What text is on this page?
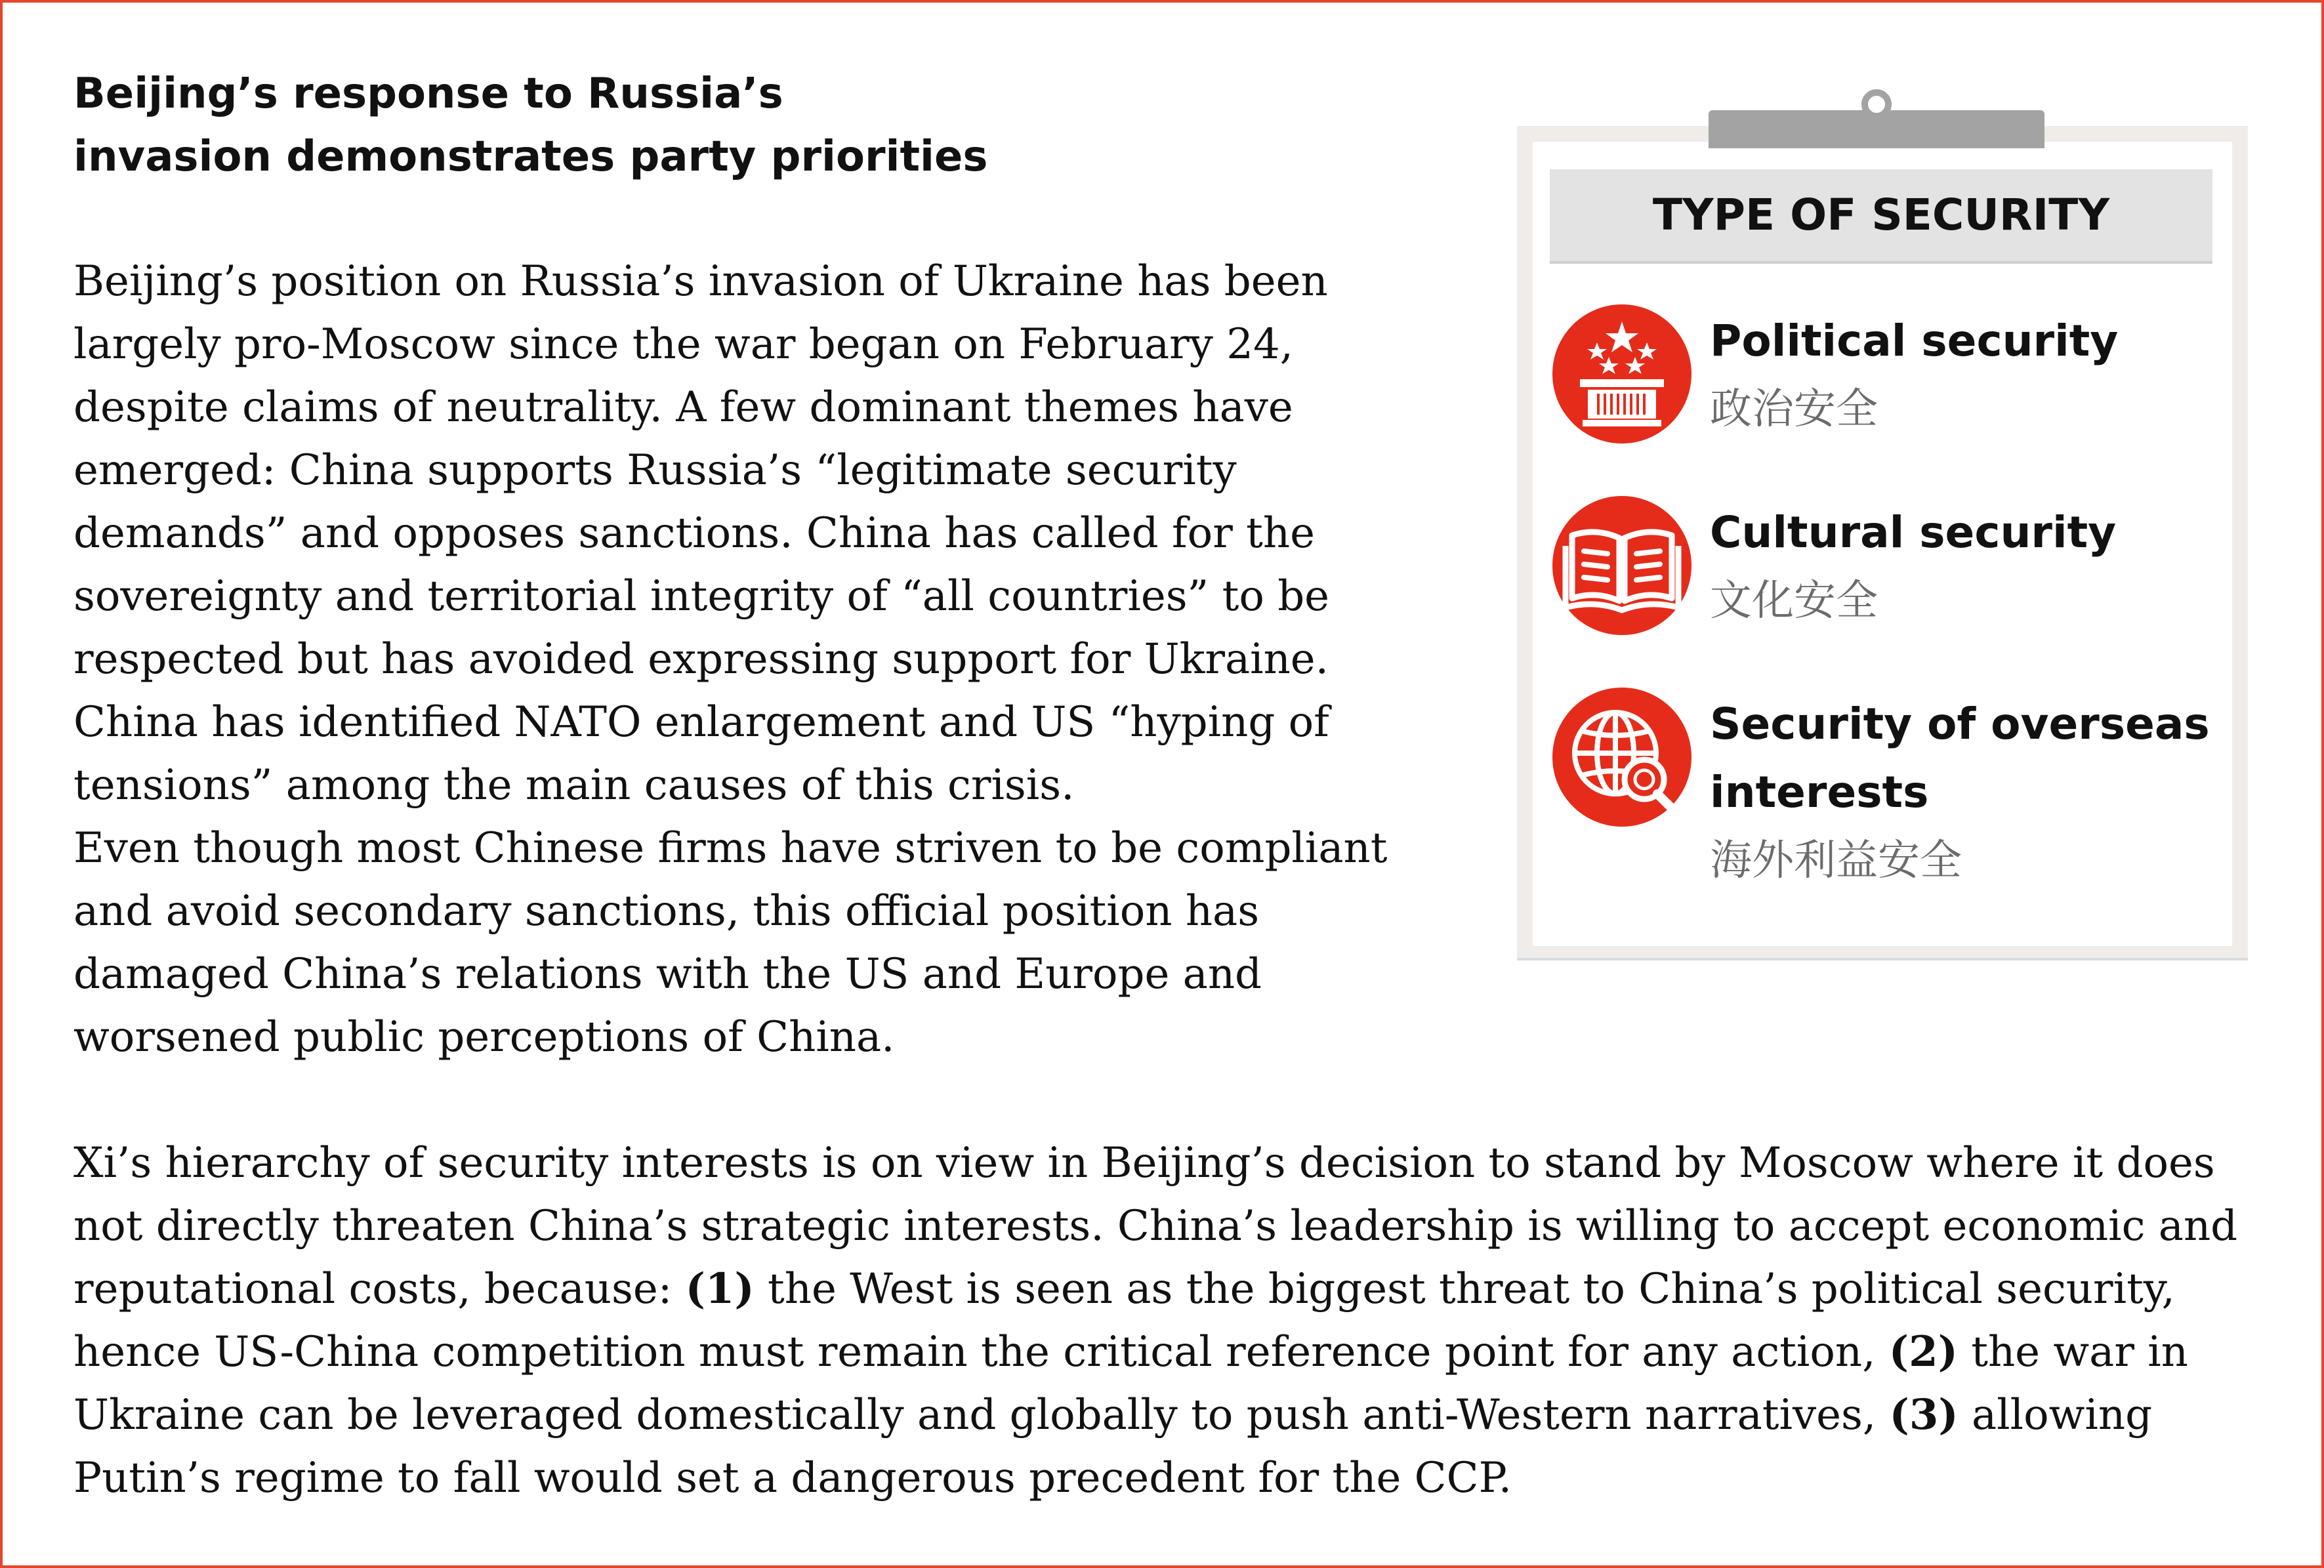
Beijing’s response to Russia’s invasion demonstrates party priorities

Beijing’s position on Russia’s invasion of Ukraine has been largely pro-Moscow since the war began on February 24, despite claims of neutrality. A few dominant themes have emerged: China supports Russia’s “legitimate security demands” and opposes sanctions. China has called for the sovereignty and territorial integrity of “all countries” to be respected but has avoided expressing support for Ukraine. China has identified NATO enlargement and US “hyping of tensions” among the main causes of this crisis.

Even though most Chinese firms have striven to be compliant and avoid secondary sanctions, this official position has damaged China’s relations with the US and Europe and worsened public perceptions of China.

Xi’s hierarchy of security interests is on view in Beijing’s decision to stand by Moscow where it does not directly threaten China’s strategic interests. China’s leadership is willing to accept economic and reputational costs, because: (1) the West is seen as the biggest threat to China’s political security, hence US-China competition must remain the critical reference point for any action, (2) the war in Ukraine can be leveraged domestically and globally to push anti-Western narratives, (3) allowing Putin’s regime to fall would set a dangerous precedent for the CCP.

TYPE OF SECURITY

Political security

政治安全

Cultural security

文化安全

Security of overseas interests

海外利益安全
